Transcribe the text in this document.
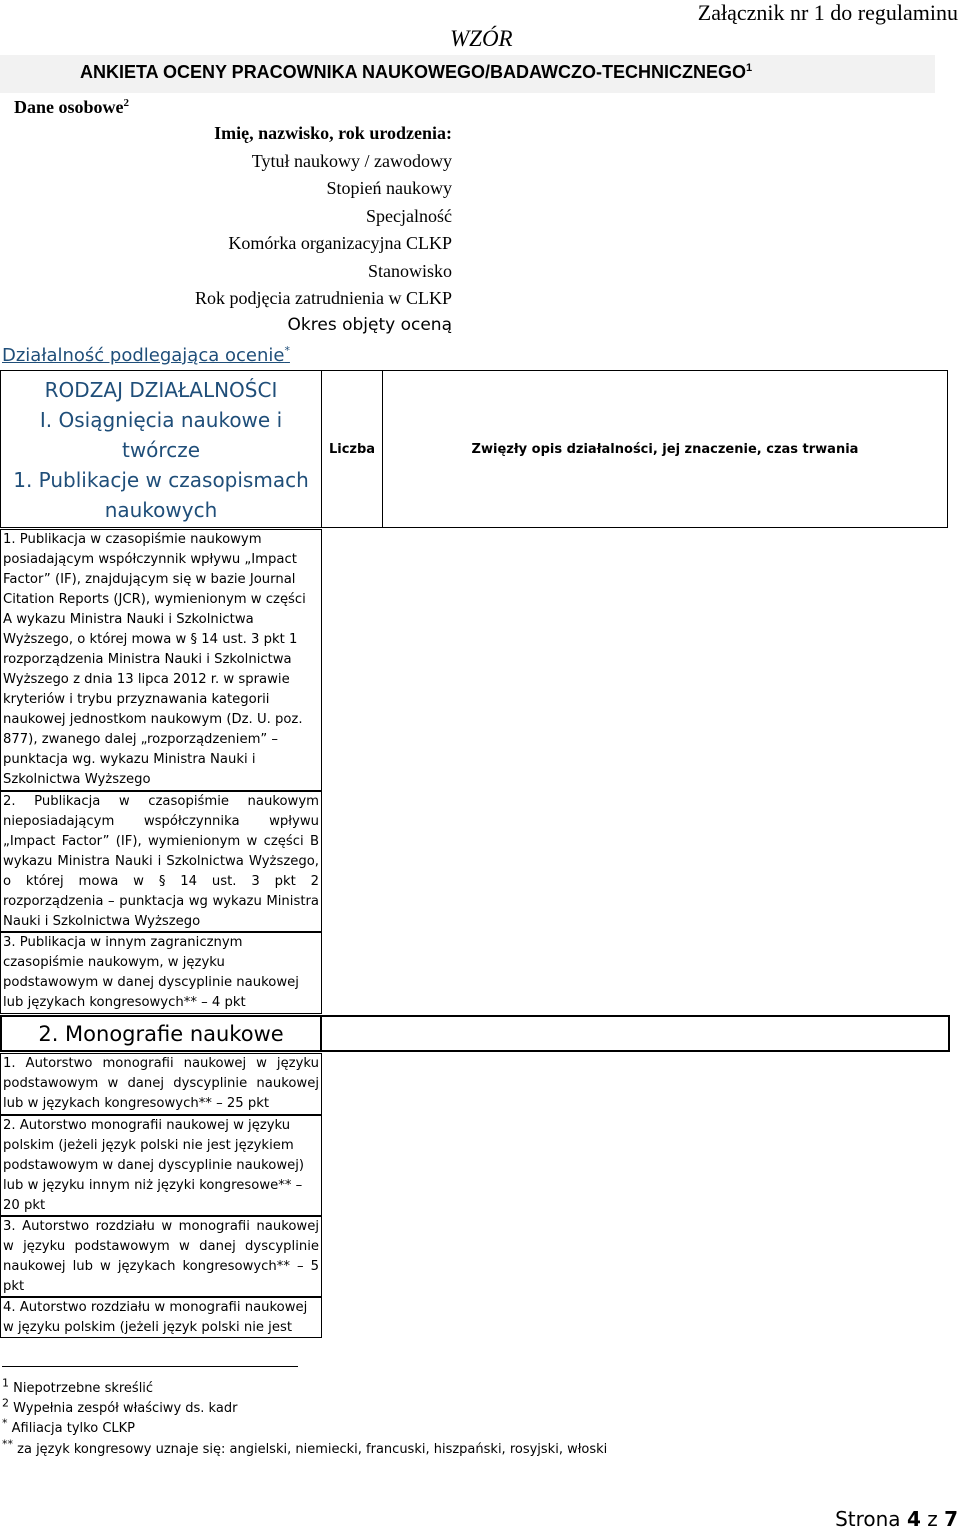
Załącznik nr 1 do regulaminu
WZÓR
ANKIETA OCENY PRACOWNIKA NAUKOWEGO/BADAWCZO-TECHNICZNEGO$^1$
Dane osobowe$^2$
Imię, nazwisko, rok urodzenia:
Tytuł naukowy / zawodowy
Stopień naukowy
Specjalność
Komórka organizacyjna CLKP
Stanowisko
Rok podjęcia zatrudnienia w CLKP
Okres objęty oceną
Działalność podlegająca ocenie*
RODZAJ DZIAŁALNOŚCI
I. Osiągnięcia naukowe i twórcze
1. Publikacje w czasopismach naukowych
Liczba	Zwięzły opis działalności, jej znaczenie, czas trwania
1. Publikacja w czasopiśmie naukowym posiadającym współczynnik wpływu „Impact Factor” (IF), znajdującym się w bazie Journal Citation Reports (JCR), wymienionym w części A wykazu Ministra Nauki i Szkolnictwa Wyższego, o której mowa w § 14 ust. 3 pkt 1 rozporządzenia Ministra Nauki i Szkolnictwa Wyższego z dnia 13 lipca 2012 r. w sprawie kryteriów i trybu przyznawania kategorii naukowej jednostkom naukowym (Dz. U. poz. 877), zwanego dalej „rozporządzeniem” – punktacja wg. wykazu Ministra Nauki i Szkolnictwa Wyższego
2. Publikacja w czasopiśmie naukowym nieposiadającym współczynnika wpływu „Impact Factor” (IF), wymienionym w części B wykazu Ministra Nauki i Szkolnictwa Wyższego, o której mowa w § 14 ust. 3 pkt 2 rozporządzenia – punktacja wg wykazu Ministra Nauki i Szkolnictwa Wyższego
3. Publikacja w innym zagranicznym czasopiśmie naukowym, w języku podstawowym w danej dyscyplinie naukowej lub językach kongresowych** – 4 pkt
2. Monografie naukowe
1. Autorstwo monografii naukowej w języku podstawowym w danej dyscyplinie naukowej lub w językach kongresowych** – 25 pkt
2. Autorstwo monografii naukowej w języku polskim (jeżeli język polski nie jest językiem podstawowym w danej dyscyplinie naukowej) lub w języku innym niż języki kongresowe** – 20 pkt
3. Autorstwo rozdziału w monografii naukowej w języku podstawowym w danej dyscyplinie naukowej lub w językach kongresowych** – 5 pkt
4. Autorstwo rozdziału w monografii naukowej w języku polskim (jeżeli język polski nie jest
$^1$ Niepotrzebne skreślić
$^2$ Wypełnia zespół właściwy ds. kadr
* Afiliacja tylko CLKP
** za język kongresowy uznaje się: angielski, niemiecki, francuski, hiszpański, rosyjski, włoski
Strona 4 z 7
